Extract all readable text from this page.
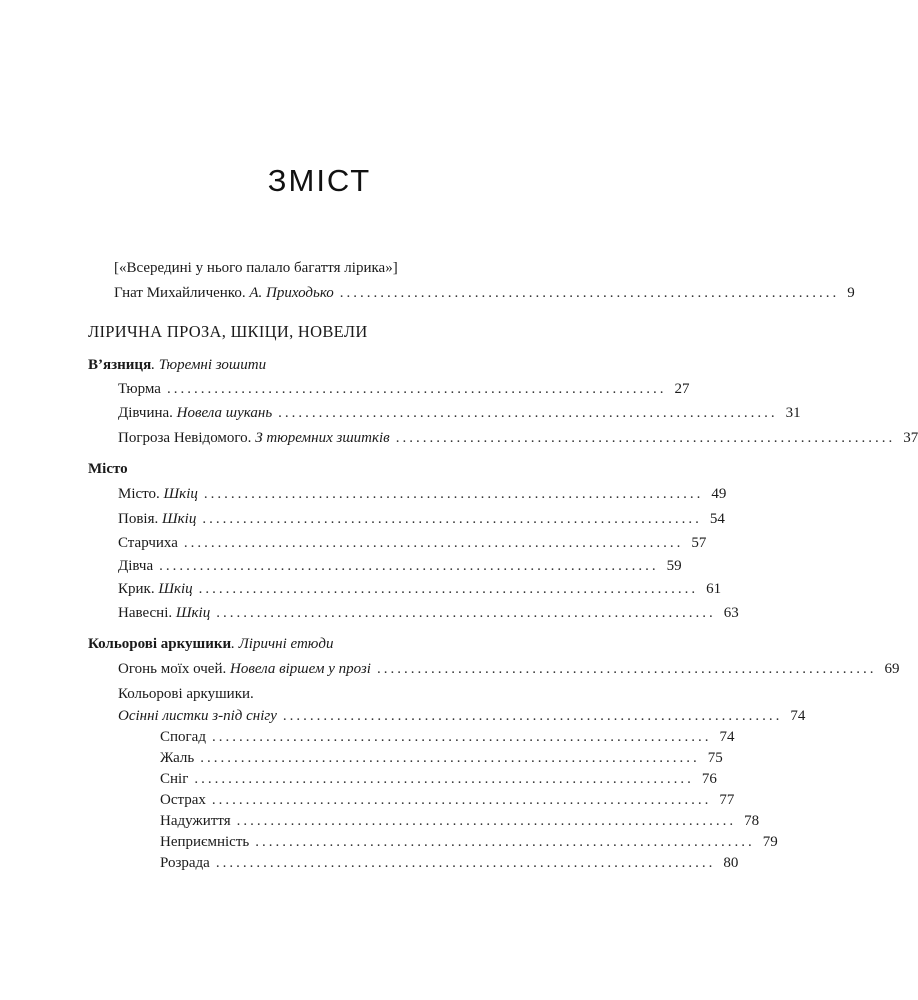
ЗМІСТ
[«Всередині у нього палало багаття лірика»]
Гнат Михайличенко. А. Приходько .......................................................................... 9
ЛІРИЧНА ПРОЗА, ШКІЦИ, НОВЕЛИ
В’язниця. Тюремні зошити
Тюрма .......................................................................... 27
Дівчина. Новела шукань .......................................................................... 31
Погроза Невідомого. З тюремних зшитків .......................................................................... 37
Місто
Місто. Шкіц .......................................................................... 49
Повія. Шкіц .......................................................................... 54
Старчиха .......................................................................... 57
Дівча .......................................................................... 59
Крик. Шкіц .......................................................................... 61
Навесні. Шкіц .......................................................................... 63
Кольорові аркушики. Ліричні етюди
Огонь моїх очей. Новела віршем у прозі .......................................................................... 69
Кольорові аркушики.
Осінні листки з-під снігу .......................................................................... 74
Спогад .......................................................................... 74
Жаль .......................................................................... 75
Сніг .......................................................................... 76
Острах .......................................................................... 77
Надужиття .......................................................................... 78
Неприємність .......................................................................... 79
Розрада .......................................................................... 80
